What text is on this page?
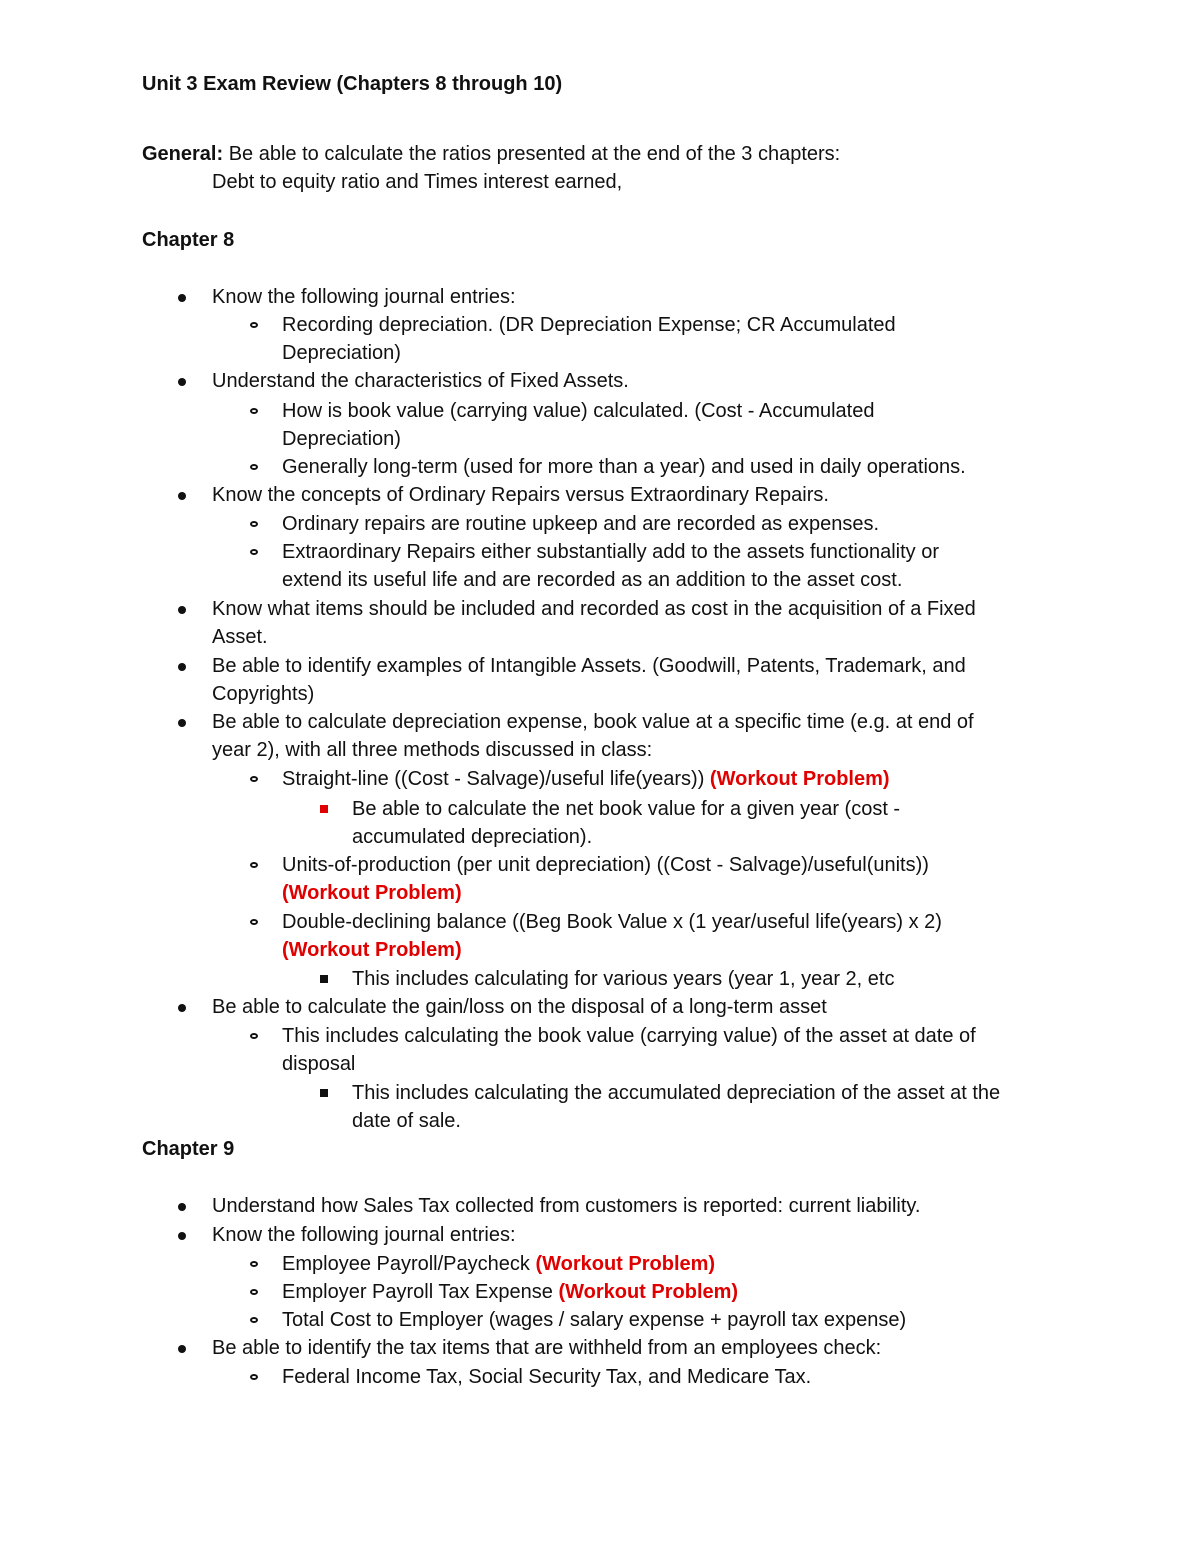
Unit 3 Exam Review (Chapters 8 through 10)
General: Be able to calculate the ratios presented at the end of the 3 chapters:
Debt to equity ratio and Times interest earned,
Chapter 8
Know the following journal entries:
Recording depreciation. (DR Depreciation Expense; CR Accumulated
Depreciation)
Understand the characteristics of Fixed Assets.
How is book value (carrying value) calculated. (Cost - Accumulated
Depreciation)
Generally long-term (used for more than a year) and used in daily operations.
Know the concepts of Ordinary Repairs versus Extraordinary Repairs.
Ordinary repairs are routine upkeep and are recorded as expenses.
Extraordinary Repairs either substantially add to the assets functionality or
extend its useful life and are recorded as an addition to the asset cost.
Know what items should be included and recorded as cost in the acquisition of a Fixed
Asset.
Be able to identify examples of Intangible Assets. (Goodwill, Patents, Trademark, and
Copyrights)
Be able to calculate depreciation expense, book value at a specific time (e.g. at end of
year 2), with all three methods discussed in class:
Straight-line ((Cost - Salvage)/useful life(years)) (Workout Problem)
Be able to calculate the net book value for a given year (cost -
accumulated depreciation).
Units-of-production (per unit depreciation) ((Cost - Salvage)/useful(units))
(Workout Problem)
Double-declining balance ((Beg Book Value x (1 year/useful life(years) x 2)
(Workout Problem)
This includes calculating for various years (year 1, year 2, etc
Be able to calculate the gain/loss on the disposal of a long-term asset
This includes calculating the book value (carrying value) of the asset at date of
disposal
This includes calculating the accumulated depreciation of the asset at the
date of sale.
Chapter 9
Understand how Sales Tax collected from customers is reported: current liability.
Know the following journal entries:
Employee Payroll/Paycheck (Workout Problem)
Employer Payroll Tax Expense (Workout Problem)
Total Cost to Employer (wages / salary expense + payroll tax expense)
Be able to identify the tax items that are withheld from an employees check:
Federal Income Tax, Social Security Tax, and Medicare Tax.
